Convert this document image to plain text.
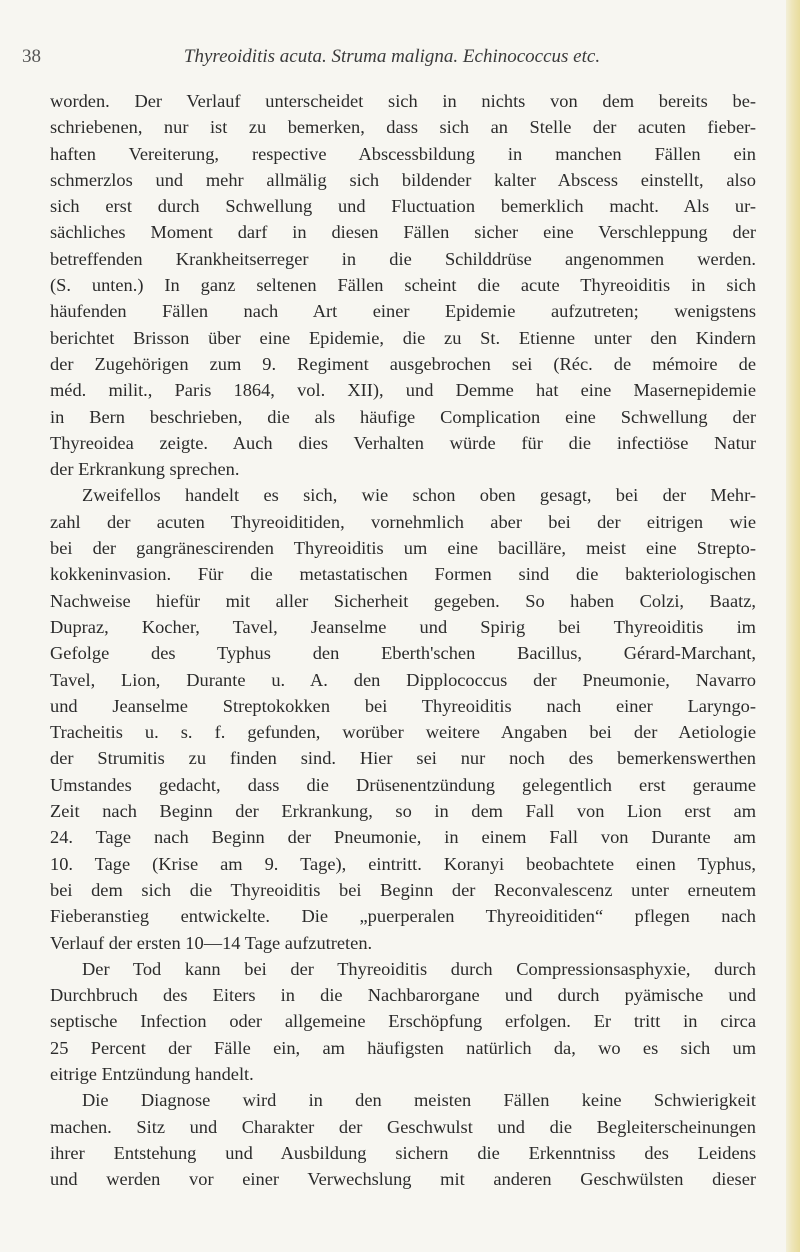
38	Thyreoiditis acuta. Struma maligna. Echinococcus etc.
worden. Der Verlauf unterscheidet sich in nichts von dem bereits be-
schriebenen, nur ist zu bemerken, dass sich an Stelle der acuten fieber-
haften Vereiterung, respective Abscessbildung in manchen Fällen ein
schmerzlos und mehr allmälig sich bildender kalter Abscess einstellt, also
sich erst durch Schwellung und Fluctuation bemerklich macht. Als ur-
sächliches Moment darf in diesen Fällen sicher eine Verschleppung der
betreffenden Krankheitserreger in die Schilddrüse angenommen werden.
(S. unten.) In ganz seltenen Fällen scheint die acute Thyreoiditis in sich
häufenden Fällen nach Art einer Epidemie aufzutreten; wenigstens
berichtet Brisson über eine Epidemie, die zu St. Etienne unter den Kindern
der Zugehörigen zum 9. Regiment ausgebrochen sei (Réc. de mémoire de
méd. milit., Paris 1864, vol. XII), und Demme hat eine Masernepidemie
in Bern beschrieben, die als häufige Complication eine Schwellung der
Thyreoidea zeigte. Auch dies Verhalten würde für die infectiöse Natur
der Erkrankung sprechen.
Zweifellos handelt es sich, wie schon oben gesagt, bei der Mehr-
zahl der acuten Thyreoiditiden, vornehmlich aber bei der eitrigen wie
bei der gangränescirenden Thyreoiditis um eine bacilläre, meist eine Strepto-
kokkeninvasion. Für die metastatischen Formen sind die bakteriologischen
Nachweise hiefür mit aller Sicherheit gegeben. So haben Colzi, Baatz,
Dupraz, Kocher, Tavel, Jeanselme und Spirig bei Thyreoiditis im
Gefolge des Typhus den Eberth'schen Bacillus, Gérard-Marchant,
Tavel, Lion, Durante u. A. den Dipplococcus der Pneumonie, Navarro
und Jeanselme Streptokokken bei Thyreoiditis nach einer Laryngo-
Tracheitis u. s. f. gefunden, worüber weitere Angaben bei der Aetiologie
der Strumitis zu finden sind. Hier sei nur noch des bemerkenswerthen
Umstandes gedacht, dass die Drüsenentzündung gelegentlich erst geraume
Zeit nach Beginn der Erkrankung, so in dem Fall von Lion erst am
24. Tage nach Beginn der Pneumonie, in einem Fall von Durante am
10. Tage (Krise am 9. Tage), eintritt. Koranyi beobachtete einen Typhus,
bei dem sich die Thyreoiditis bei Beginn der Reconvalescenz unter erneutem
Fieberanstieg entwickelte. Die „puerperalen Thyreoiditiden“ pflegen nach
Verlauf der ersten 10—14 Tage aufzutreten.
Der Tod kann bei der Thyreoiditis durch Compressionsasphyxie, durch
Durchbruch des Eiters in die Nachbarorgane und durch pyämische und
septische Infection oder allgemeine Erschöpfung erfolgen. Er tritt in circa
25 Percent der Fälle ein, am häufigsten natürlich da, wo es sich um
eitrige Entzündung handelt.
Die Diagnose wird in den meisten Fällen keine Schwierigkeit
machen. Sitz und Charakter der Geschwulst und die Begleiterscheinungen
ihrer Entstehung und Ausbildung sichern die Erkenntniss des Leidens
und werden vor einer Verwechslung mit anderen Geschwülsten dieser
